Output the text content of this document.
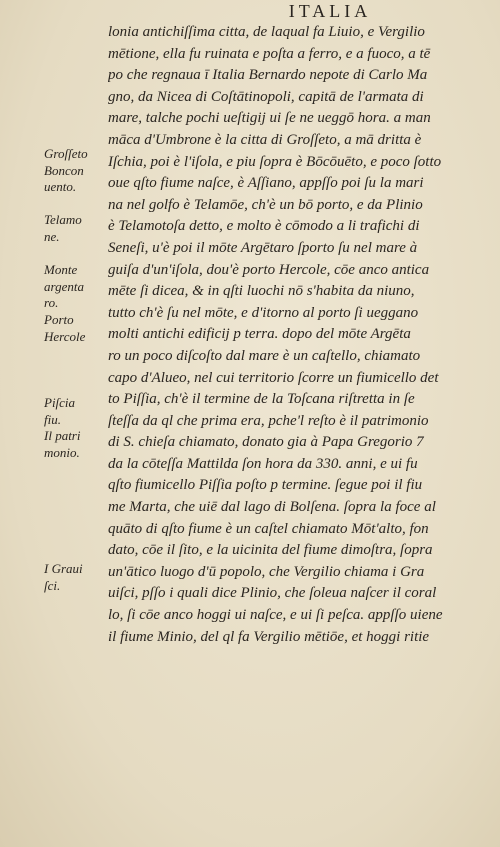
ITALIA
Groſſeto
Boncon
uento.
Telamo
ne.
Monte
argenta
ro.
Porto
Hercole
Piſcia
fiu.
Il patri
monio.
I Graui
ſci.
lonia antichiſſima citta, de laqual fa Liuio, e Vergilio
mētione, ella fu ruinata e poſta a ferro, e a fuoco, a tē
po che regnaua ī Italia Bernardo nepote di Carlo Ma
gno, da Nicea di Coſtātinopoli, capitā de l'armata di
mare, talche pochi ueſtigij ui ſe ne ueggō hora. a man
māca d'Umbrone è la citta di Groſſeto, a mā dritta è
Iſchia, poi è l'iſola, e piu ſopra è Bōcōuēto, e poco ſotto
oue qſto fiume naſce, è Aſſiano, appſſo poi ſu la mari
na nel golfo è Telamōe, ch'è un bō porto, e da Plinio
è Telamotoſa detto, e molto è cōmodo a li trafichi di
Seneſi, u'è poi il mōte Argētaro ſporto ſu nel mare à
guiſa d'un'iſola, dou'è porto Hercole, cōe anco antica
mēte ſi dicea, & in qſti luochi nō s'habita da niuno,
tutto ch'è ſu nel mōte, e d'itorno al porto ſi ueggano
molti antichi edificij p terra. dopo del mōte Argēta
ro un poco diſcoſto dal mare è un caſtello, chiamato
capo d'Alueo, nel cui territorio ſcorre un fiumicello det
to Piſſia, ch'è il termine de la Toſcana riſtretta in ſe
ſteſſa da ql che prima era, pche'l reſto è il patrimonio
di S. chieſa chiamato, donato gia à Papa Gregorio 7
da la cōteſſa Mattilda ſon hora da 330. anni, e ui fu
qſto fiumicello Piſſia poſto p termine. ſegue poi il fiu
me Marta, che uiē dal lago di Bolſena. ſopra la foce al
quāto di qſto fiume è un caſtel chiamato Mōt'alto, fon
dato, cōe il ſito, e la uicinita del fiume dimoſtra, ſopra
un'ātico luogo d'ū popolo, che Vergilio chiama i Gra
uiſci, pſſo i quali dice Plinio, che ſoleua naſcer il coral
lo, ſi cōe anco hoggi ui naſce, e ui ſi peſca. appſſo uiene
il fiume Minio, del ql fa Vergilio mētiōe, et hoggi ritie
